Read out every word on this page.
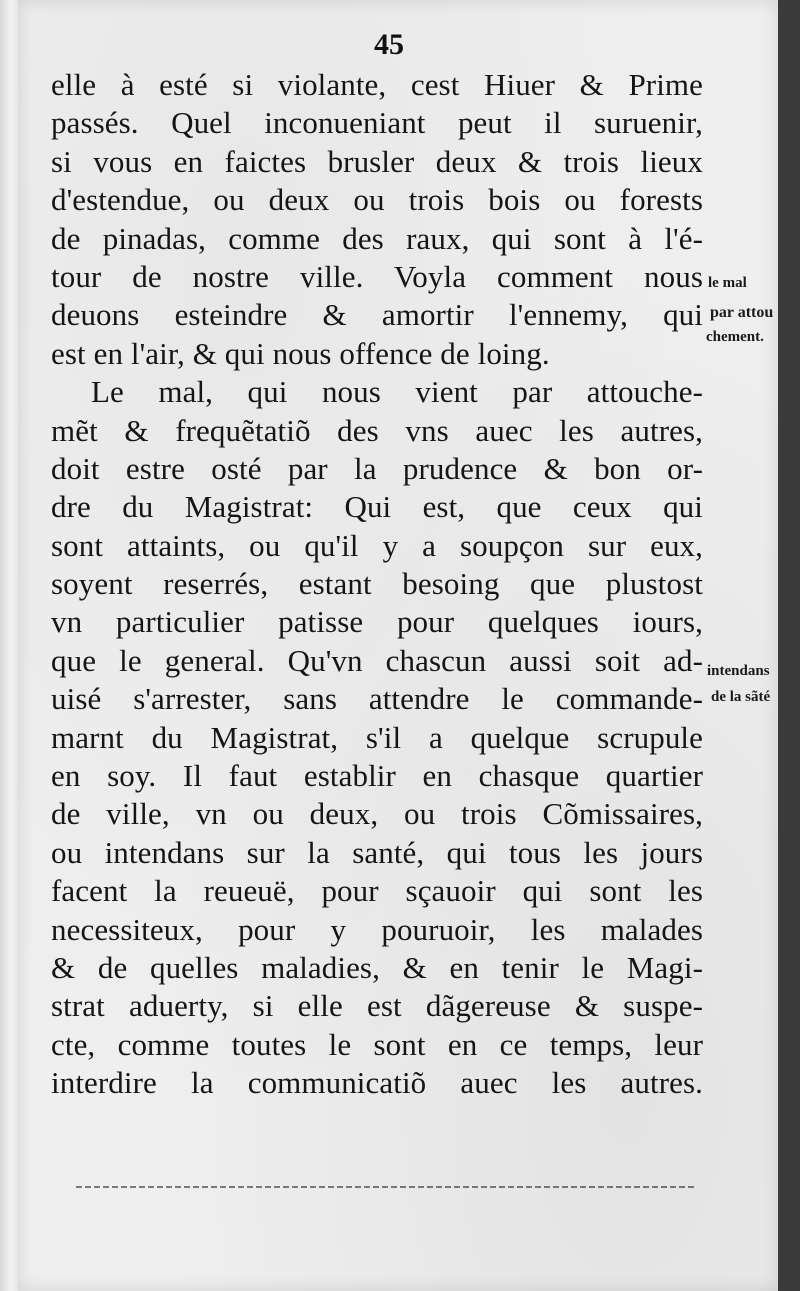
45
elle à esté si violante, cest Hiuer & Prime
passés. Quel inconueniant peut il suruenir,
si vous en faictes brusler deux & trois lieux
d'estendue, ou deux ou trois bois ou forests
de pinadas, comme des raux, qui sont à l'é-
tour de nostre ville. Voyla comment nous
deuons esteindre & amortir l'ennemy, qui
est en l'air, & qui nous offence de loing.
Le mal, qui nous vient par attouche-
mẽt & frequẽtatiõ des vns auec les autres,
doit estre osté par la prudence & bon or-
dre du Magistrat: Qui est, que ceux qui
sont attaints, ou qu'il y a soupçon sur eux,
soyent reserrés, estant besoing que plustost
vn particulier patisse pour quelques iours,
que le general. Qu'vn chascun aussi soit ad-
uisé s'arrester, sans attendre le commande-
marnt du Magistrat, s'il a quelque scrupule
en soy. Il faut establir en chasque quartier
de ville, vn ou deux, ou trois Cõmissaires,
ou intendans sur la santé, qui tous les jours
facent la reueuë, pour sçauoir qui sont les
necessiteux, pour y pouruoir, les malades
& de quelles maladies, & en tenir le Magi-
strat aduerty, si elle est dãgereuse & suspe-
cte, comme toutes le sont en ce temps, leur
interdire la communicatiõ auec les autres.
le mal
par attou
chement.
intendans
de la sãté
